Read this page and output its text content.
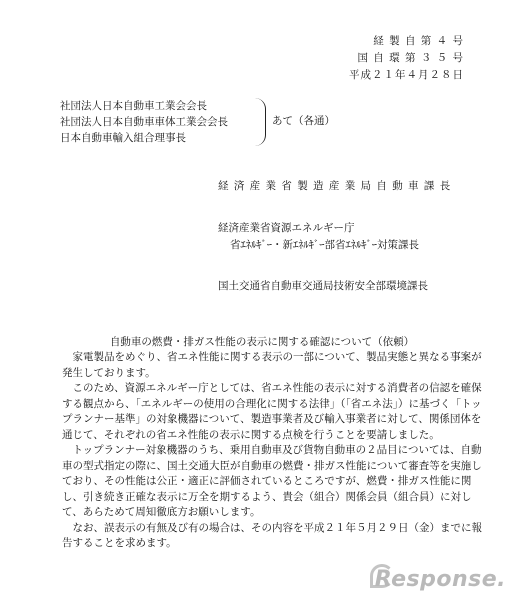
経 製 自 第 ４ 号
国 自 環 第 ３ ５ 号
平成２１年４月２８日
社団法人日本自動車工業会会長
社団法人日本自動車車体工業会会長
日本自動車輸入組合理事長
あて（各通）
経 済 産 業 省 製 造 産 業 局 自 動 車 課 長
経済産業省資源エネルギー庁
省ｴﾈﾙｷﾞｰ・新ｴﾈﾙｷﾞｰ部省ｴﾈﾙｷﾞｰ対策課長
国土交通省自動車交通局技術安全部環境課長
自動車の燃費・排ガス性能の表示に関する確認について（依頼）

家電製品をめぐり、省エネ性能に関する表示の一部について、製品実態と異なる事案が発生しております。

このため、資源エネルギー庁としては、省エネ性能の表示に対する消費者の信認を確保する観点から、「エネルギーの使用の合理化に関する法律」（「省エネ法」）に基づく「トップランナー基準」の対象機器について、製造事業者及び輸入事業者に対して、関係団体を通じて、それぞれの省エネ性能の表示に関する点検を行うことを要請しました。

トップランナー対象機器のうち、乗用自動車及び貨物自動車の２品目については、自動車の型式指定の際に、国土交通大臣が自動車の燃費・排ガス性能について審査等を実施しており、その性能は公正・適正に評価されているところですが、燃費・排ガス性能に関し、引き続き正確な表示に万全を期するよう、貴会（組合）関係会員（組合員）に対して、あらためて周知徹底方お願いします。

なお、誤表示の有無及び有の場合は、その内容を平成２１年５月２９日（金）までに報告することを求めます。

Response.
